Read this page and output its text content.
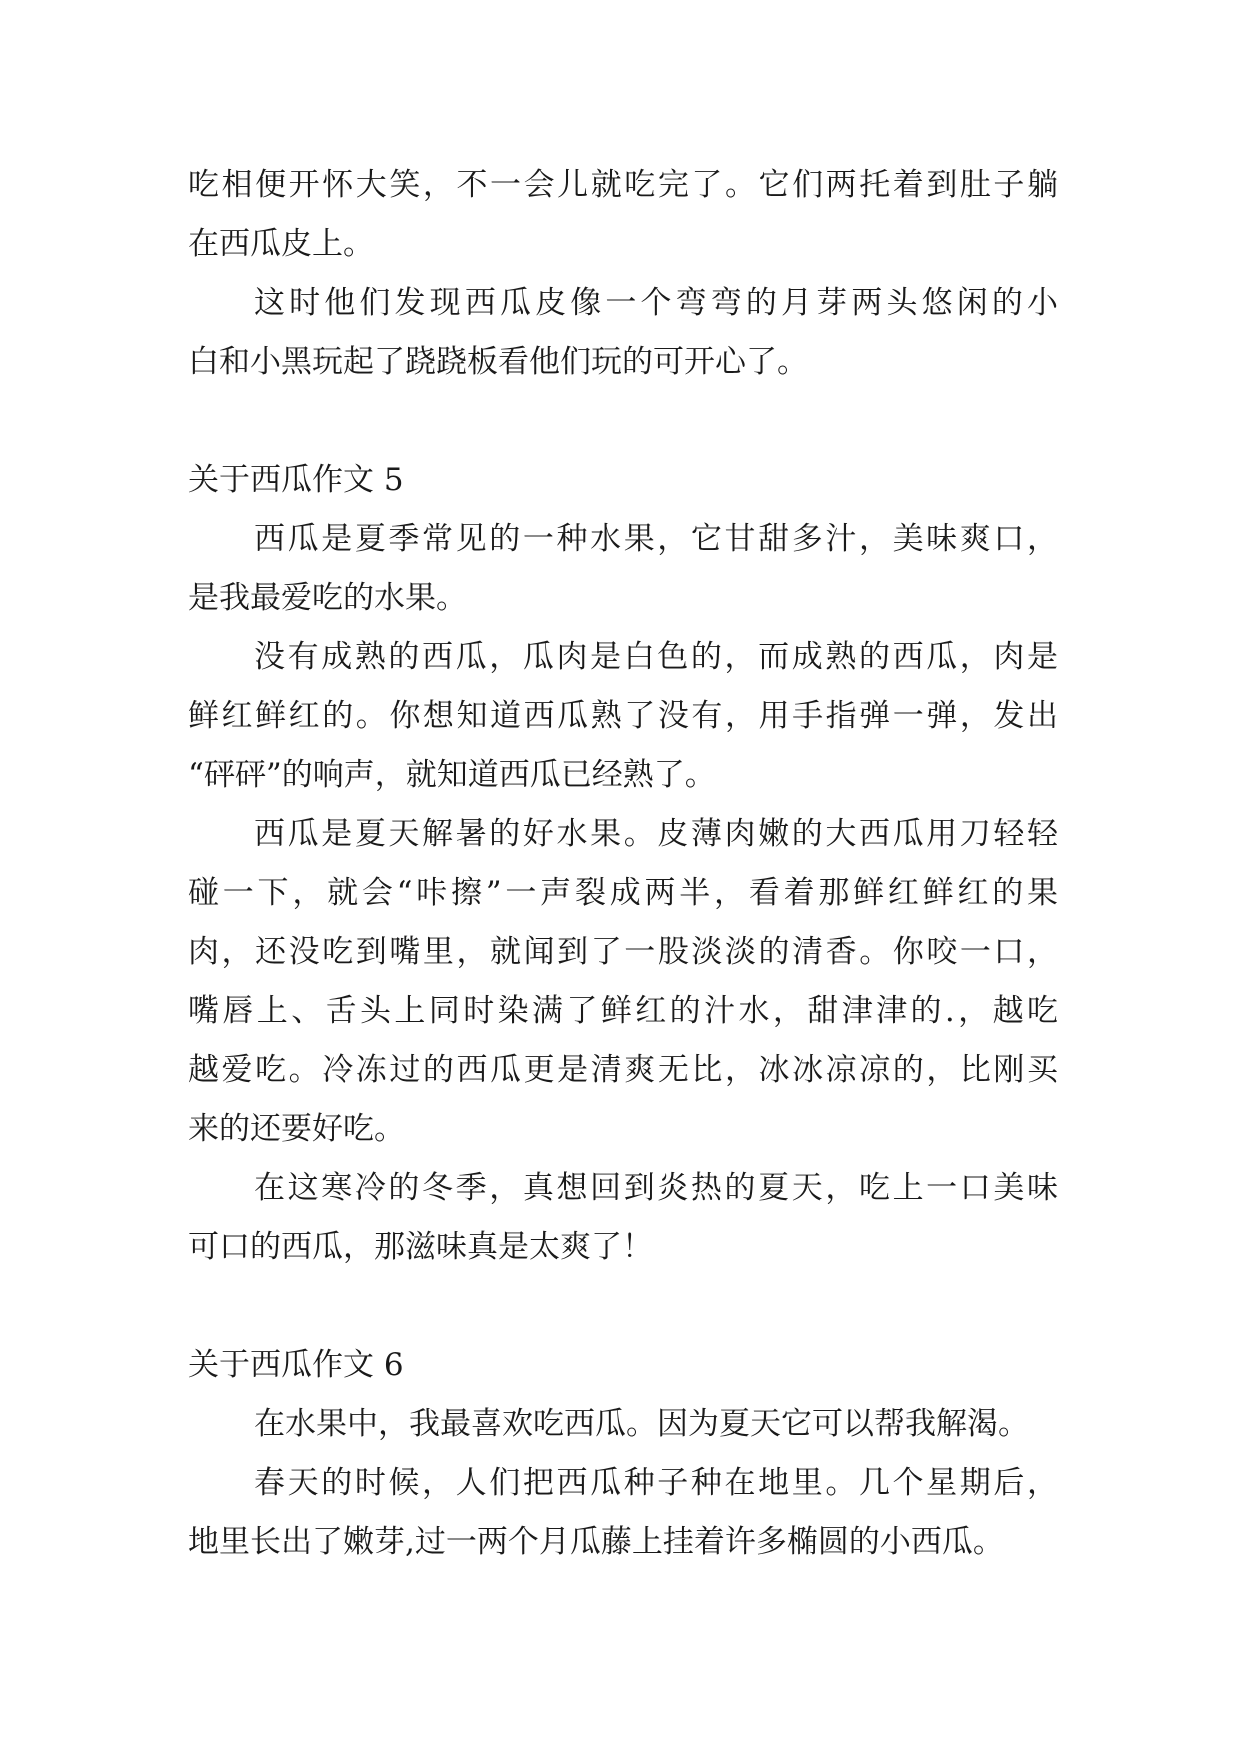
吃相便开怀大笑，不一会儿就吃完了。它们两托着到肚子躺
在西瓜皮上。
这时他们发现西瓜皮像一个弯弯的月芽两头悠闲的小
白和小黑玩起了跷跷板看他们玩的可开心了。
关于西瓜作文 5
西瓜是夏季常见的一种水果，它甘甜多汁，美味爽口，
是我最爱吃的水果。
没有成熟的西瓜，瓜肉是白色的，而成熟的西瓜，肉是
鲜红鲜红的。你想知道西瓜熟了没有，用手指弹一弹，发出
“砰砰”的响声，就知道西瓜已经熟了。
西瓜是夏天解暑的好水果。皮薄肉嫩的大西瓜用刀轻轻
碰一下，就会“咔擦”一声裂成两半，看着那鲜红鲜红的果
肉，还没吃到嘴里，就闻到了一股淡淡的清香。你咬一口，
嘴唇上、舌头上同时染满了鲜红的汁水，甜津津的.，越吃
越爱吃。冷冻过的西瓜更是清爽无比，冰冰凉凉的，比刚买
来的还要好吃。
在这寒冷的冬季，真想回到炎热的夏天，吃上一口美味
可口的西瓜，那滋味真是太爽了！
关于西瓜作文 6
在水果中，我最喜欢吃西瓜。因为夏天它可以帮我解渴。
春天的时候，人们把西瓜种子种在地里。几个星期后，
地里长出了嫩芽,过一两个月瓜藤上挂着许多椭圆的小西瓜。
